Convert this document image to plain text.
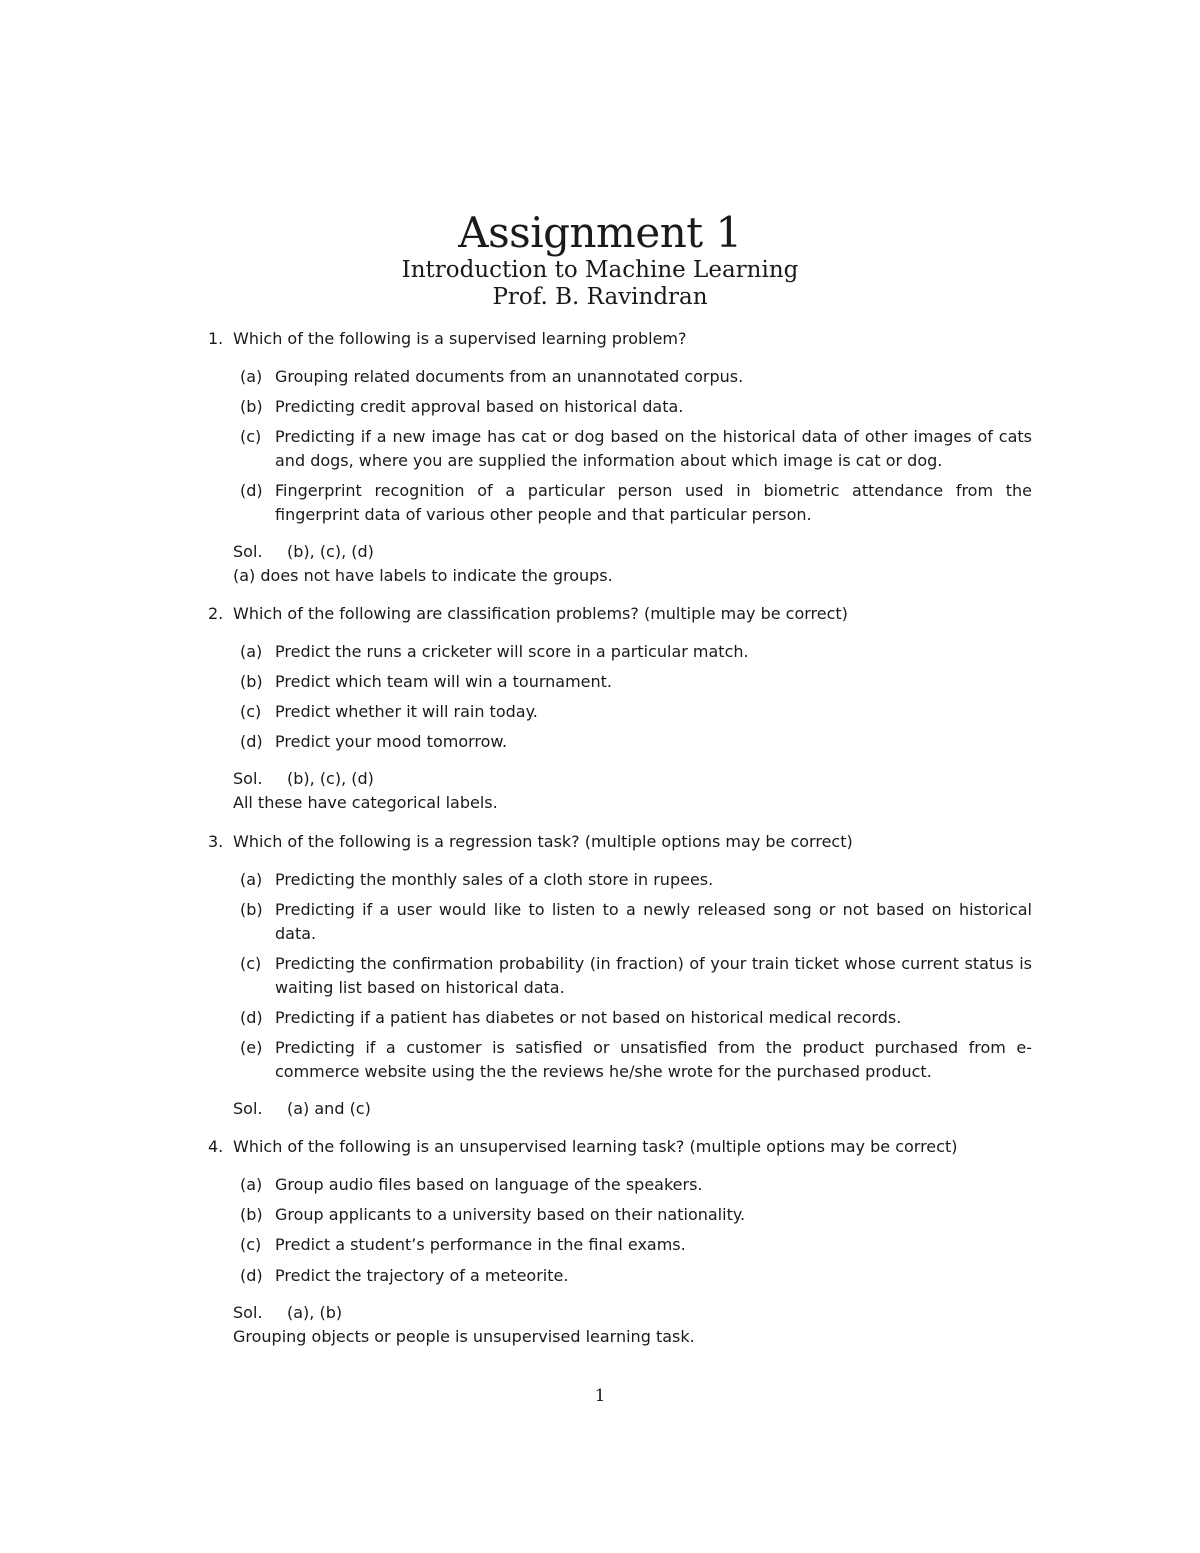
Assignment 1
Introduction to Machine Learning
Prof. B. Ravindran
1. Which of the following is a supervised learning problem?
(a) Grouping related documents from an unannotated corpus.
(b) Predicting credit approval based on historical data.
(c) Predicting if a new image has cat or dog based on the historical data of other images of cats and dogs, where you are supplied the information about which image is cat or dog.
(d) Fingerprint recognition of a particular person used in biometric attendance from the fingerprint data of various other people and that particular person.
Sol. (b), (c), (d)
(a) does not have labels to indicate the groups.
2. Which of the following are classification problems? (multiple may be correct)
(a) Predict the runs a cricketer will score in a particular match.
(b) Predict which team will win a tournament.
(c) Predict whether it will rain today.
(d) Predict your mood tomorrow.
Sol. (b), (c), (d)
All these have categorical labels.
3. Which of the following is a regression task? (multiple options may be correct)
(a) Predicting the monthly sales of a cloth store in rupees.
(b) Predicting if a user would like to listen to a newly released song or not based on historical data.
(c) Predicting the confirmation probability (in fraction) of your train ticket whose current status is waiting list based on historical data.
(d) Predicting if a patient has diabetes or not based on historical medical records.
(e) Predicting if a customer is satisfied or unsatisfied from the product purchased from e-commerce website using the the reviews he/she wrote for the purchased product.
Sol. (a) and (c)
4. Which of the following is an unsupervised learning task? (multiple options may be correct)
(a) Group audio files based on language of the speakers.
(b) Group applicants to a university based on their nationality.
(c) Predict a student’s performance in the final exams.
(d) Predict the trajectory of a meteorite.
Sol. (a), (b)
Grouping objects or people is unsupervised learning task.
1
